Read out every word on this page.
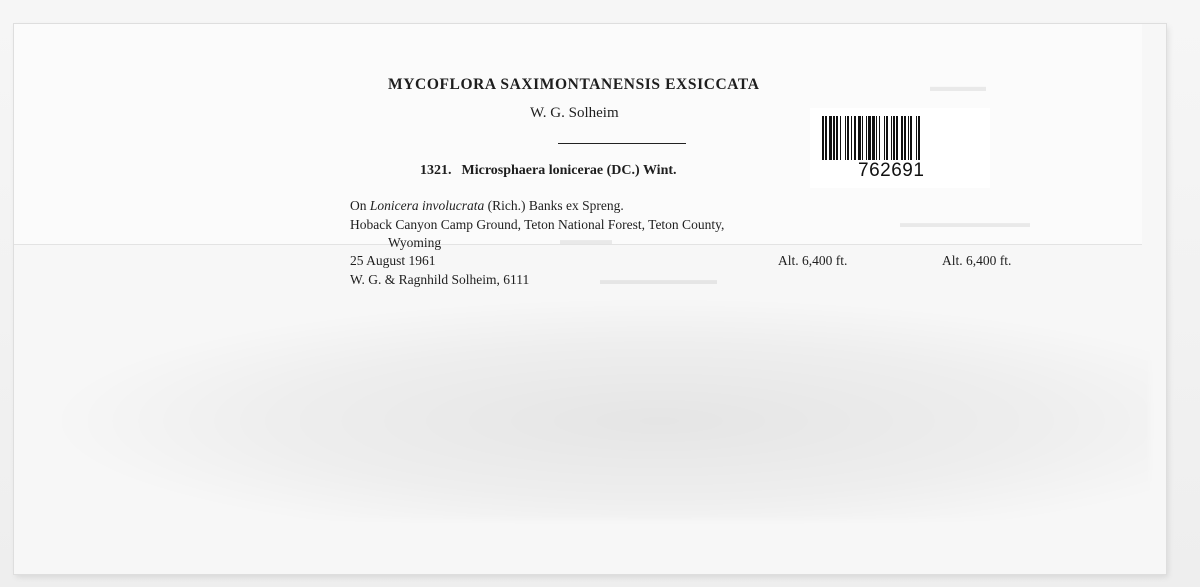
▬▬▬▬
▬▬▬▬▬▬▬▬▬▬
▬▬▬▬
▬▬▬▬▬▬▬▬▬
MYCOFLORA SAXIMONTANENSIS EXSICCATA
W. G. Solheim
1321. Microsphaera lonicerae (DC.) Wint.
On Lonicera involucrata (Rich.) Banks ex Spreng.
Hoback Canyon Camp Ground, Teton National Forest, Teton County,
Wyoming
25 August 1961	Alt. 6,400 ft.
W. G. & Ragnhild Solheim, 6111
Alt. 6,400 ft.
762691
